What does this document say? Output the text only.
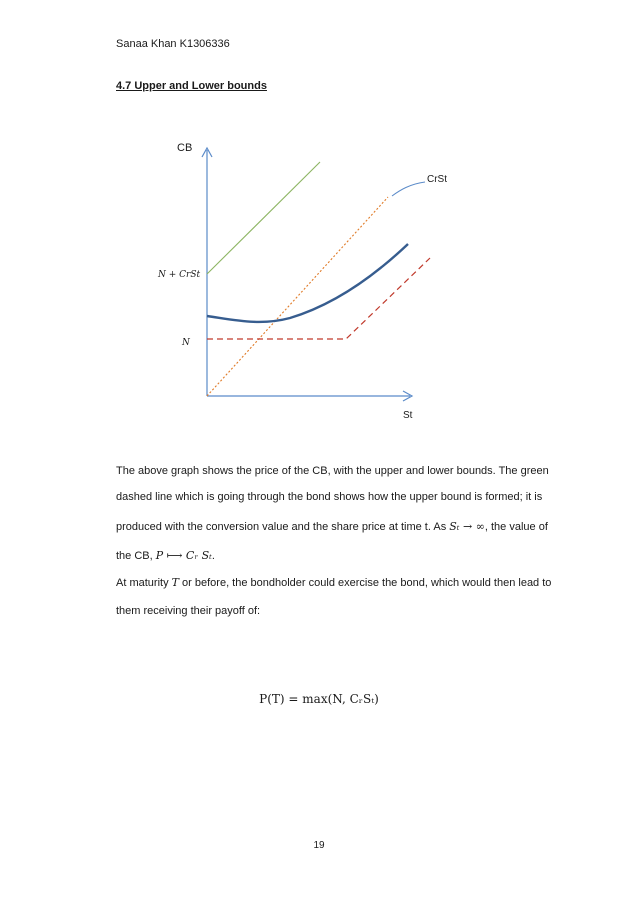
Sanaa Khan K1306336
4.7 Upper and Lower bounds
CB
St
CrSt
N + CrSt
N
The above graph shows the price of the CB, with the upper and lower bounds. The green
dashed line which is going through the bond shows how the upper bound is formed; it is
produced with the conversion value and the share price at time t. As Sₜ → ∞, the value of
the CB, P ⟼ Cᵣ Sₜ.
At maturity T or before, the bondholder could exercise the bond, which would then lead to
them receiving their payoff of:
P(T) = max(N, CᵣSₜ)
19
